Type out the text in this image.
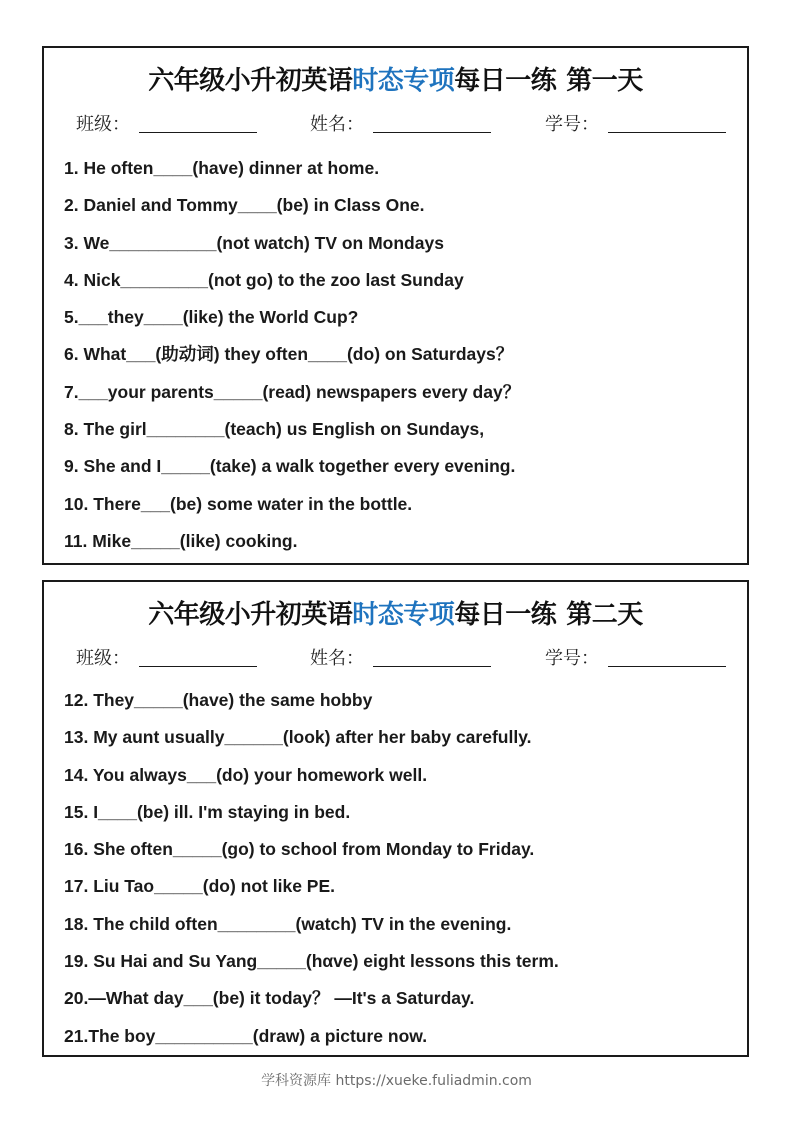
六年级小升初英语时态专项每日一练 第一天
班级：	姓名：	学号：
1. He often____(have) dinner at home.
2. Daniel and Tommy____(be) in Class One.
3. We___________(not watch) TV on Mondays
4. Nick_________(not go) to the zoo last Sunday
5.___they____(like) the World Cup?
6. What___(助动词) they often____(do) on Saturdays？
7.___your parents_____(read) newspapers every day？
8. The girl________(teach) us English on Sundays,
9. She and I_____(take) a walk together every evening.
10. There___(be) some water in the bottle.
11. Mike_____(like) cooking.
六年级小升初英语时态专项每日一练 第二天
班级：	姓名：	学号：
12. They_____(have) the same hobby
13. My aunt usually______(look) after her baby carefully.
14. You always___(do) your homework well.
15. I____(be) ill. I'm staying in bed.
16. She often_____(go) to school from Monday to Friday.
17. Liu Tao_____(do) not like PE.
18. The child often________(watch) TV in the evening.
19. Su Hai and Su Yang_____(hαve) eight lessons this term.
20.—What day___(be) it today？ —It's a Saturday.
21.The boy__________(draw) a picture now.
学科资源库 https://xueke.fuliadmin.com
